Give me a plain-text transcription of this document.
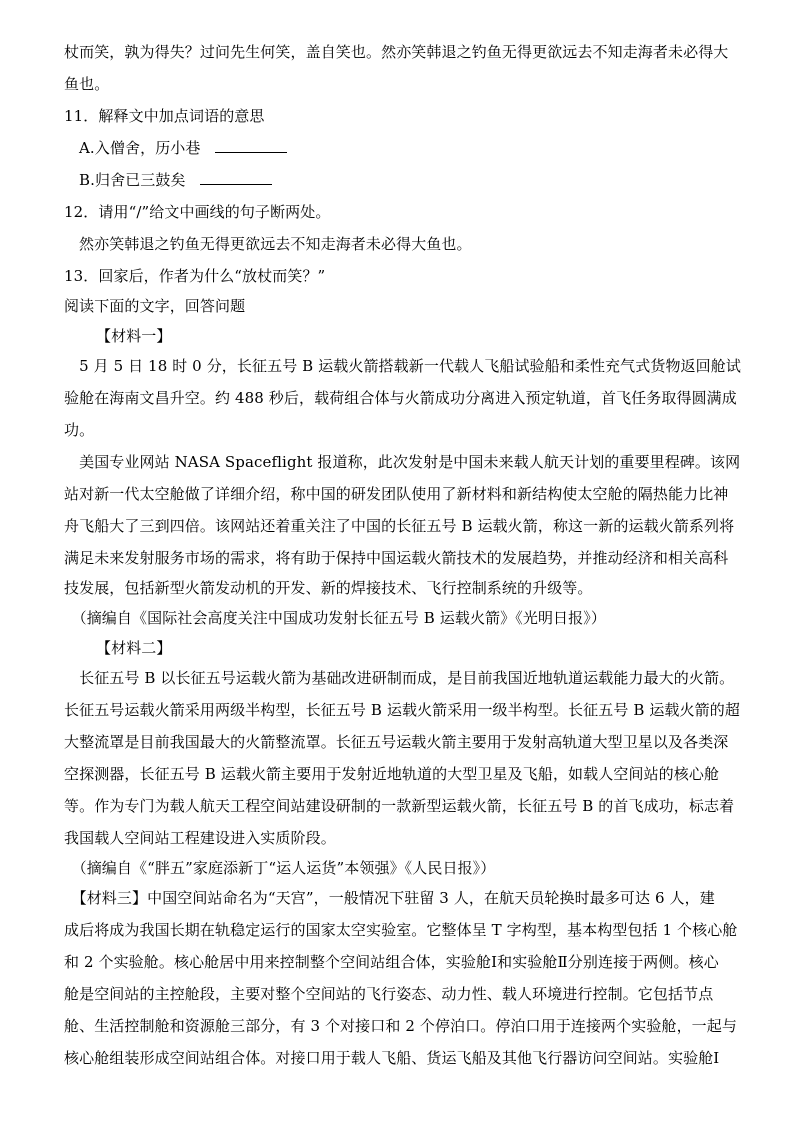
杖而笑，孰为得失？过问先生何笑，盖自笑也。然亦笑韩退之钓鱼无得更欲远去不知走海者未必得大
鱼也。
11．解释文中加点词语的意思
A.入僧舍，历小巷
B.归舍已三鼓矣
12．请用“/”给文中画线的句子断两处。
然亦笑韩退之钓鱼无得更欲远去不知走海者未必得大鱼也。
13．回家后，作者为什么“放杖而笑？”
阅读下面的文字，回答问题
【材料一】
　5 月 5 日 18 时 0 分，长征五号 B 运载火箭搭载新一代载人飞船试验船和柔性充气式货物返回舱试
验舱在海南文昌升空。约 488 秒后，载荷组合体与火箭成功分离进入预定轨道，首飞任务取得圆满成
功。
　美国专业网站 NASA Spaceflight 报道称，此次发射是中国未来载人航天计划的重要里程碑。该网
站对新一代太空舱做了详细介绍，称中国的研发团队使用了新材料和新结构使太空舱的隔热能力比神
舟飞船大了三到四倍。该网站还着重关注了中国的长征五号 B 运载火箭，称这一新的运载火箭系列将
满足未来发射服务市场的需求，将有助于保持中国运载火箭技术的发展趋势，并推动经济和相关高科
技发展，包括新型火箭发动机的开发、新的焊接技术、飞行控制系统的升级等。
　（摘编自《国际社会高度关注中国成功发射长征五号 B 运载火箭》《光明日报》）
【材料二】
　长征五号 B 以长征五号运载火箭为基础改进研制而成，是目前我国近地轨道运载能力最大的火箭。
长征五号运载火箭采用两级半构型，长征五号 B 运载火箭采用一级半构型。长征五号 B 运载火箭的超
大整流罩是目前我国最大的火箭整流罩。长征五号运载火箭主要用于发射高轨道大型卫星以及各类深
空探测器，长征五号 B 运载火箭主要用于发射近地轨道的大型卫星及飞船，如载人空间站的核心舱
等。作为专门为载人航天工程空间站建设研制的一款新型运载火箭，长征五号 B 的首飞成功，标志着
我国载人空间站工程建设进入实质阶段。
　（摘编自《“胖五”家庭添新丁“运人运货”本领强》《人民日报》）
　【材料三】中国空间站命名为“天宫”，一般情况下驻留 3 人，在航天员轮换时最多可达 6 人，建
成后将成为我国长期在轨稳定运行的国家太空实验室。它整体呈 T 字构型，基本构型包括 1 个核心舱
和 2 个实验舱。核心舱居中用来控制整个空间站组合体，实验舱Ⅰ和实验舱Ⅱ分别连接于两侧。核心
舱是空间站的主控舱段，主要对整个空间站的飞行姿态、动力性、载人环境进行控制。它包括节点
舱、生活控制舱和资源舱三部分，有 3 个对接口和 2 个停泊口。停泊口用于连接两个实验舱，一起与
核心舱组装形成空间站组合体。对接口用于载人飞船、货运飞船及其他飞行器访问空间站。实验舱Ⅰ
